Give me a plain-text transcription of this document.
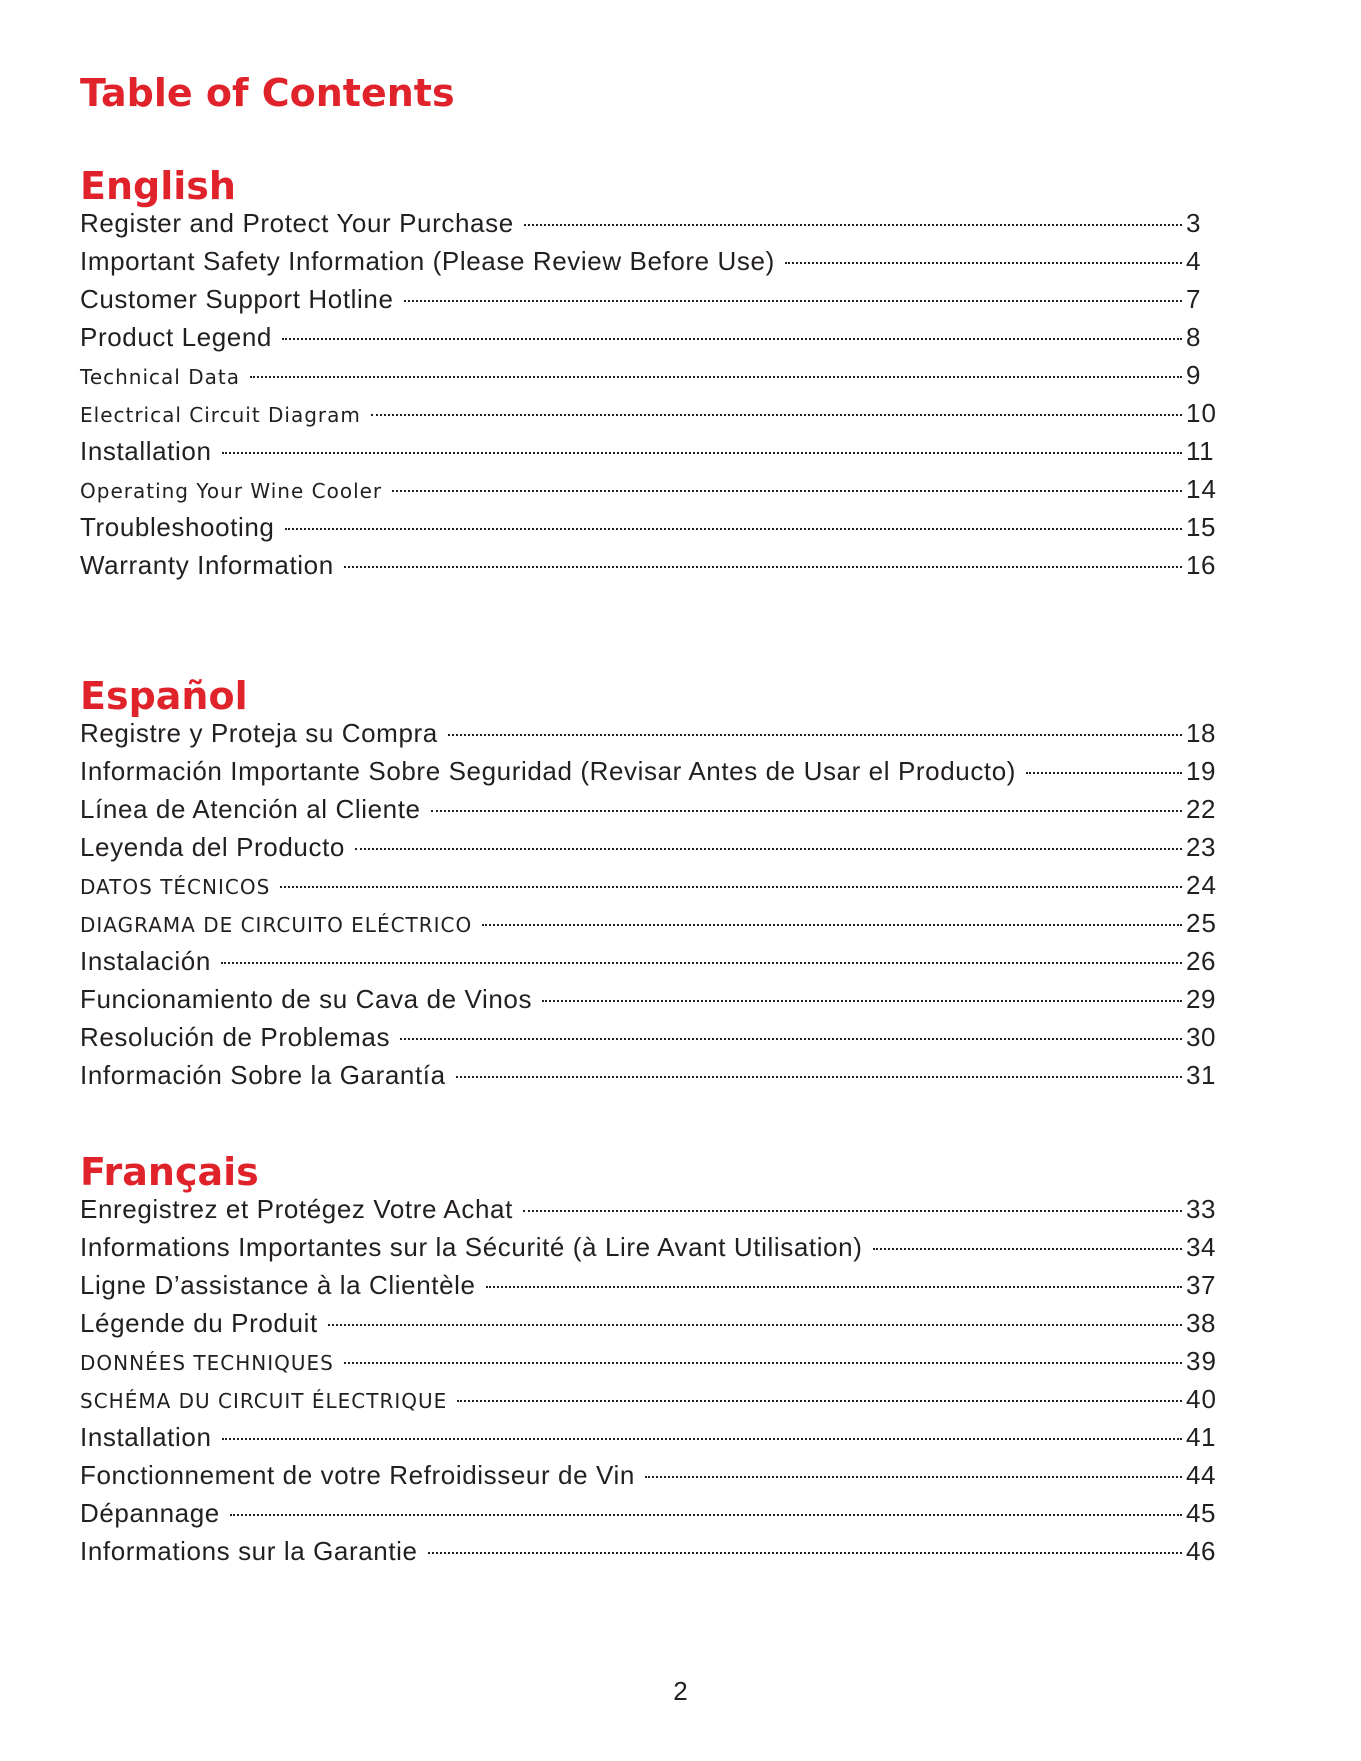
Table of Contents
English
Register and Protect Your Purchase	3
Important Safety Information (Please Review Before Use)	4
Customer Support Hotline	7
Product Legend	8
Technical Data	9
Electrical Circuit Diagram	10
Installation	11
Operating Your Wine Cooler	14
Troubleshooting	15
Warranty Information	16
Español
Registre y Proteja su Compra	18
Información Importante Sobre Seguridad (Revisar Antes de Usar el Producto)	19
Línea de Atención al Cliente	22
Leyenda del Producto	23
DATOS TÉCNICOS	24
DIAGRAMA DE CIRCUITO ELÉCTRICO	25
Instalación	26
Funcionamiento de su Cava de Vinos	29
Resolución de Problemas	30
Información Sobre la Garantía	31
Français
Enregistrez et Protégez Votre Achat	33
Informations Importantes sur la Sécurité (à Lire Avant Utilisation)	34
Ligne D’assistance à la Clientèle	37
Légende du Produit	38
DONNÉES TECHNIQUES	39
SCHÉMA DU CIRCUIT ÉLECTRIQUE	40
Installation	41
Fonctionnement de votre Refroidisseur de Vin	44
Dépannage	45
Informations sur la Garantie	46
2
